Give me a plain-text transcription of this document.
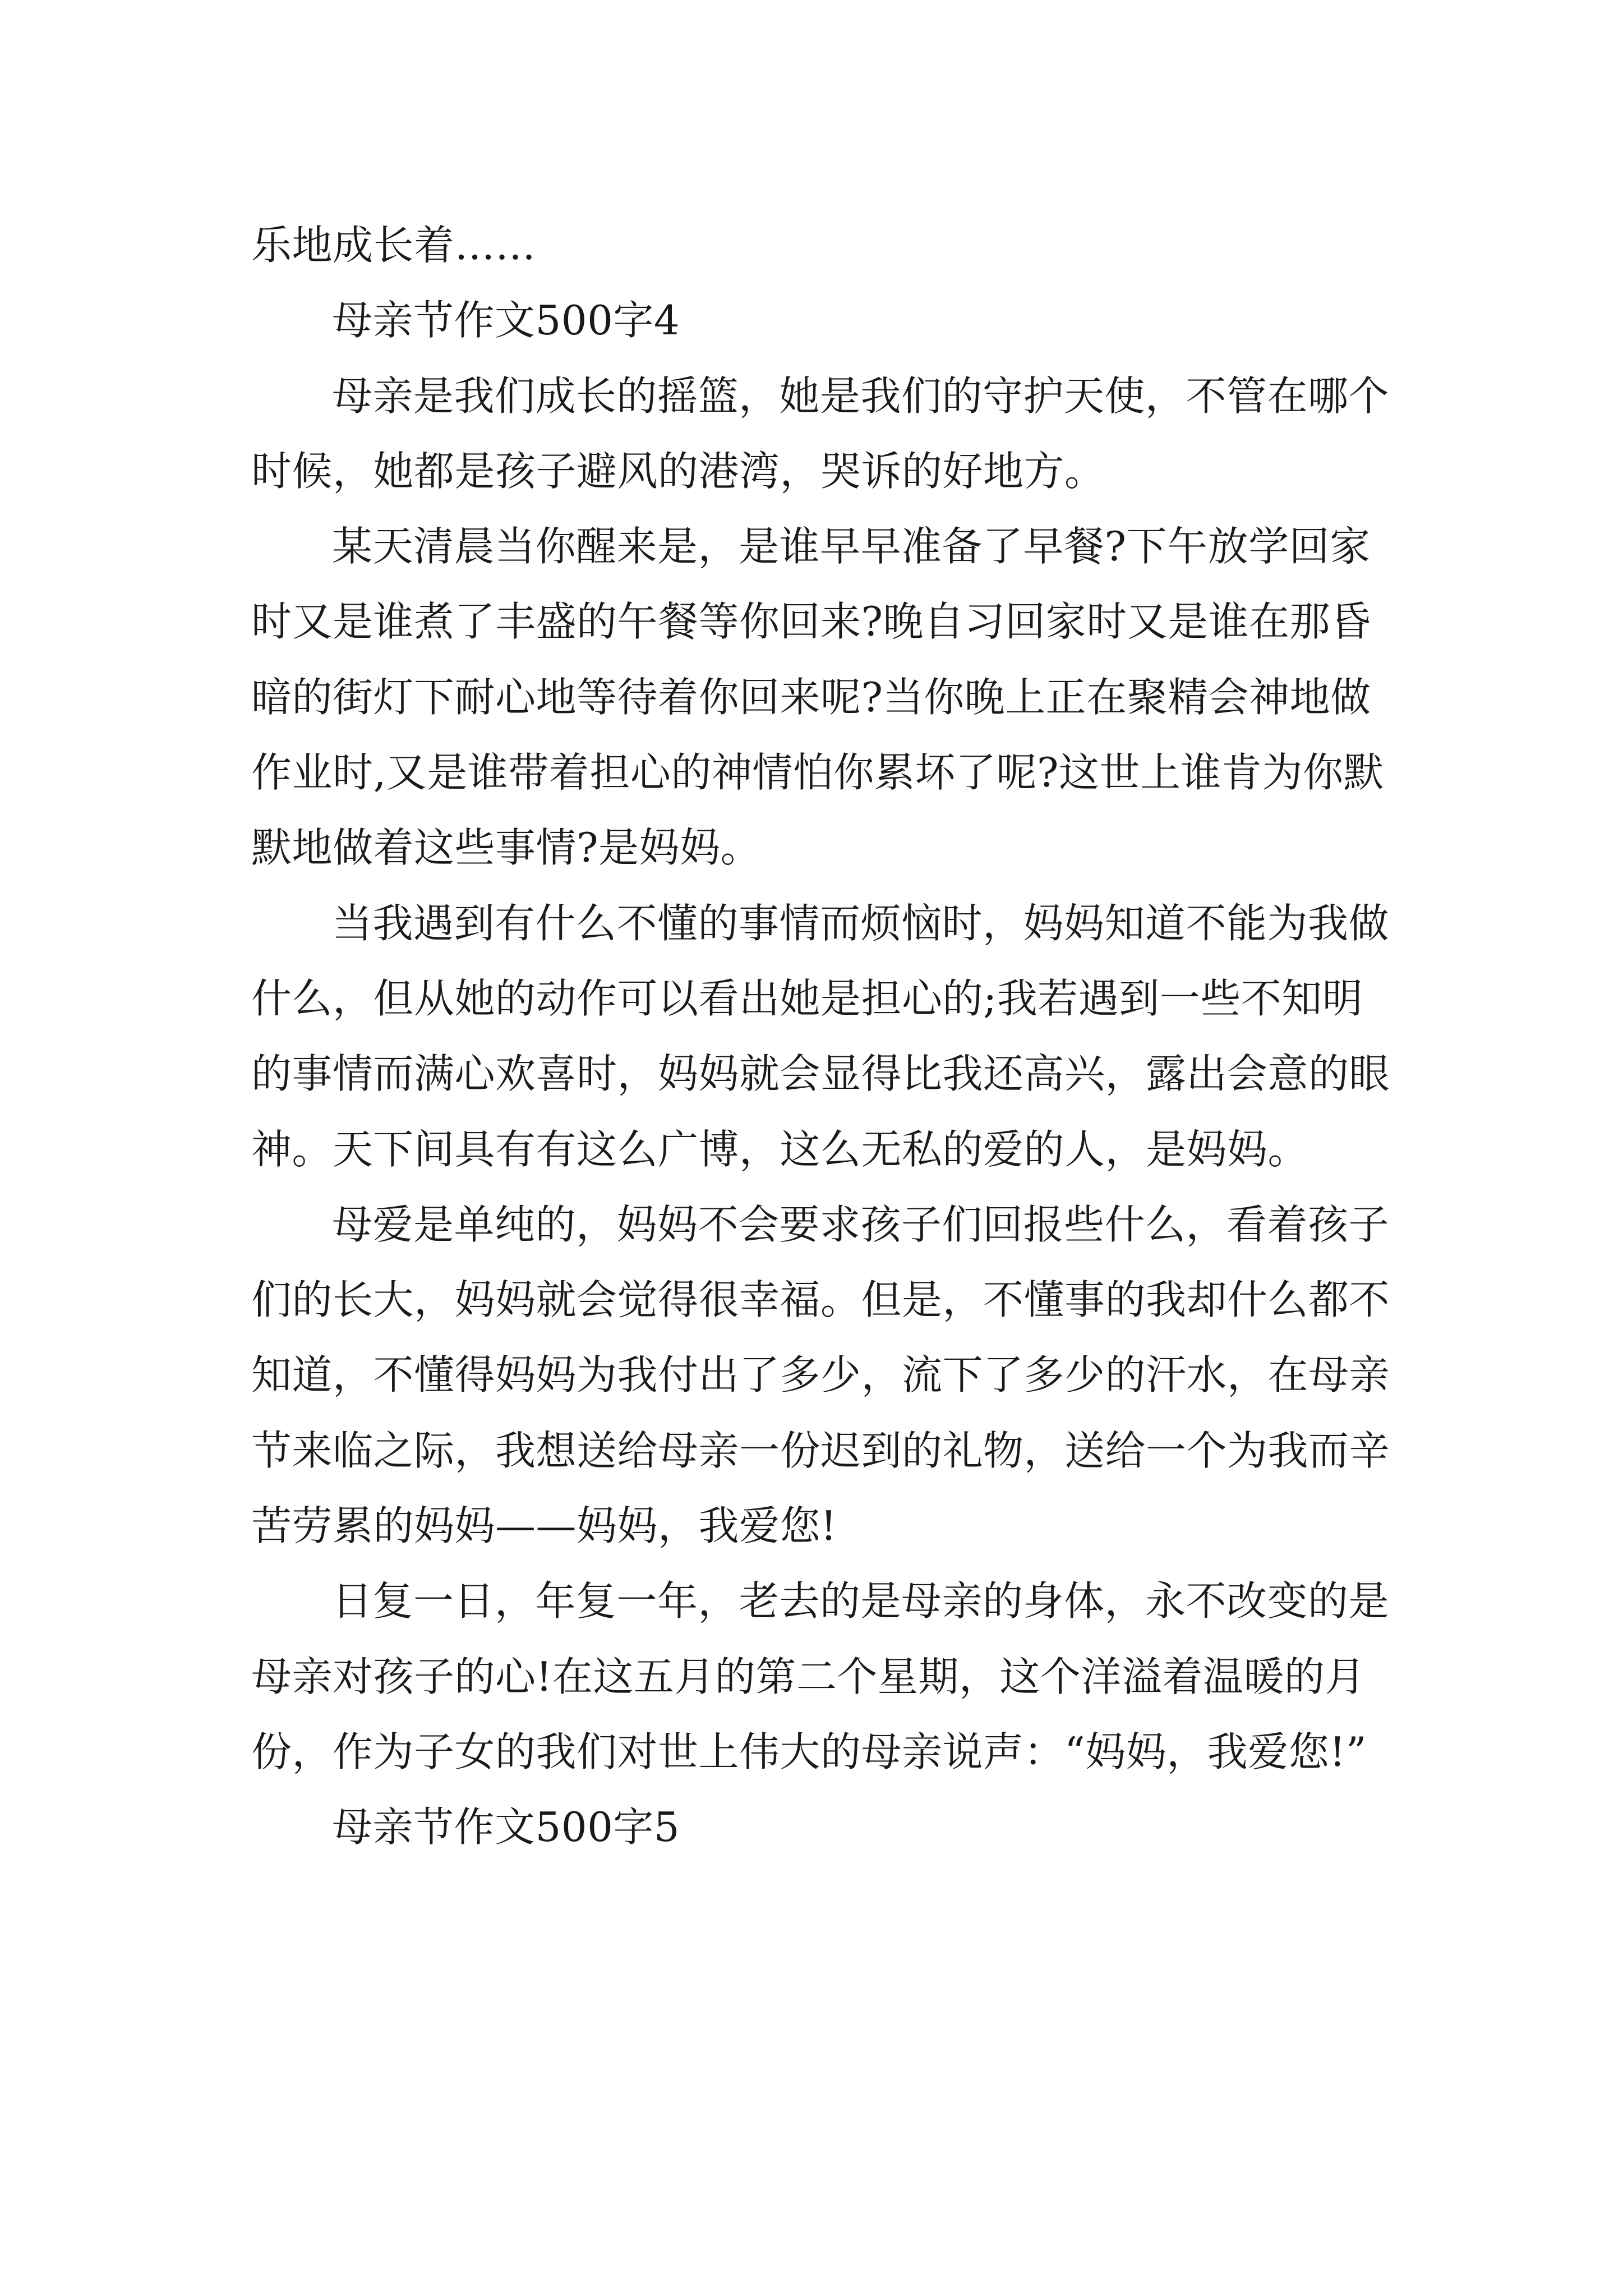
乐地成长着……

母亲节作文500字4

母亲是我们成长的摇篮，她是我们的守护天使，不管在哪个时候，她都是孩子避风的港湾，哭诉的好地方。

某天清晨当你醒来是，是谁早早准备了早餐?下午放学回家时又是谁煮了丰盛的午餐等你回来?晚自习回家时又是谁在那昏暗的街灯下耐心地等待着你回来呢?当你晚上正在聚精会神地做作业时,又是谁带着担心的神情怕你累坏了呢?这世上谁肯为你默默地做着这些事情?是妈妈。

当我遇到有什么不懂的事情而烦恼时，妈妈知道不能为我做什么，但从她的动作可以看出她是担心的;我若遇到一些不知明的事情而满心欢喜时，妈妈就会显得比我还高兴，露出会意的眼神。天下间具有有这么广博，这么无私的爱的人，是妈妈。

母爱是单纯的，妈妈不会要求孩子们回报些什么，看着孩子们的长大，妈妈就会觉得很幸福。但是，不懂事的我却什么都不知道，不懂得妈妈为我付出了多少，流下了多少的汗水，在母亲节来临之际，我想送给母亲一份迟到的礼物，送给一个为我而辛苦劳累的妈妈——妈妈，我爱您!

日复一日，年复一年，老去的是母亲的身体，永不改变的是母亲对孩子的心!在这五月的第二个星期，这个洋溢着温暖的月份，作为子女的我们对世上伟大的母亲说声：“妈妈，我爱您!”

母亲节作文500字5
